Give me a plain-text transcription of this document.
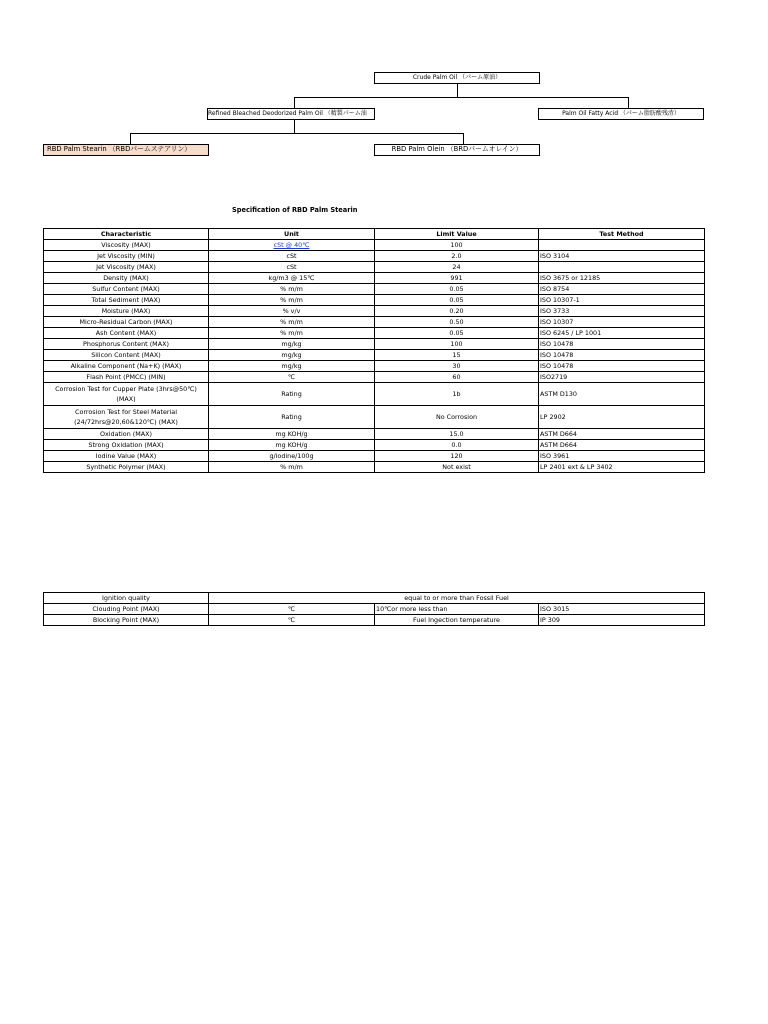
Crude Palm Oil （パーム原油）
Refined Bleached Deodorized Palm Oil （精製パーム油	Palm Oil Fatty Acid （パーム脂肪酸残渣）
RBD Palm Stearin （RBDパームステアリン）	RBD Palm Olein （BRDパームオレイン）
Specification of RBD Palm Stearin
Characteristic	Unit	Limit Value	Test Method
Viscosity (MAX)	cSt @ 40℃	100	
Jet Viscosity (MIN)	cSt	2.0	ISO 3104
Jet Viscosity (MAX)	cSt	24	
Density (MAX)	kg/m3 @ 15℃	991	ISO 3675 or 12185
Sulfur Content (MAX)	% m/m	0.05	ISO 8754
Total Sediment (MAX)	% m/m	0.05	ISO 10307-1
Moisture (MAX)	% v/v	0.20	ISO 3733
Micro-Residual Carbon (MAX)	% m/m	0.50	ISO 10307
Ash Content (MAX)	% m/m	0.05	ISO 6245 / LP 1001
Phosphorus Content (MAX)	mg/kg	100	ISO 10478
Silicon Content (MAX)	mg/kg	15	ISO 10478
Alkaline Component (Na+K) (MAX)	mg/kg	30	ISO 10478
Flash Point (PMCC) (MIN)	℃	60	ISO2719
Corrosion Test for Cupper Plate (3hrs@50℃) (MAX)	Rating	1b	ASTM D130
Corrosion Test for Steel Material (24/72hrs@20,60&120℃) (MAX)	Rating	No Corrosion	LP 2902
Oxidation (MAX)	mg KOH/g	15.0	ASTM D664
Strong Oxidation (MAX)	mg KOH/g	0.0	ASTM D664
Iodine Value (MAX)	g/iodine/100g	120	ISO 3961
Synthetic Polymer (MAX)	% m/m	Not exist	LP 2401 ext & LP 3402
Ignition quality	equal to or more than Fossil Fuel		
Clouding Point (MAX)	℃	10℃or more less than	ISO 3015
Blocking Point (MAX)	℃	Fuel Ingection temperature	IP 309
